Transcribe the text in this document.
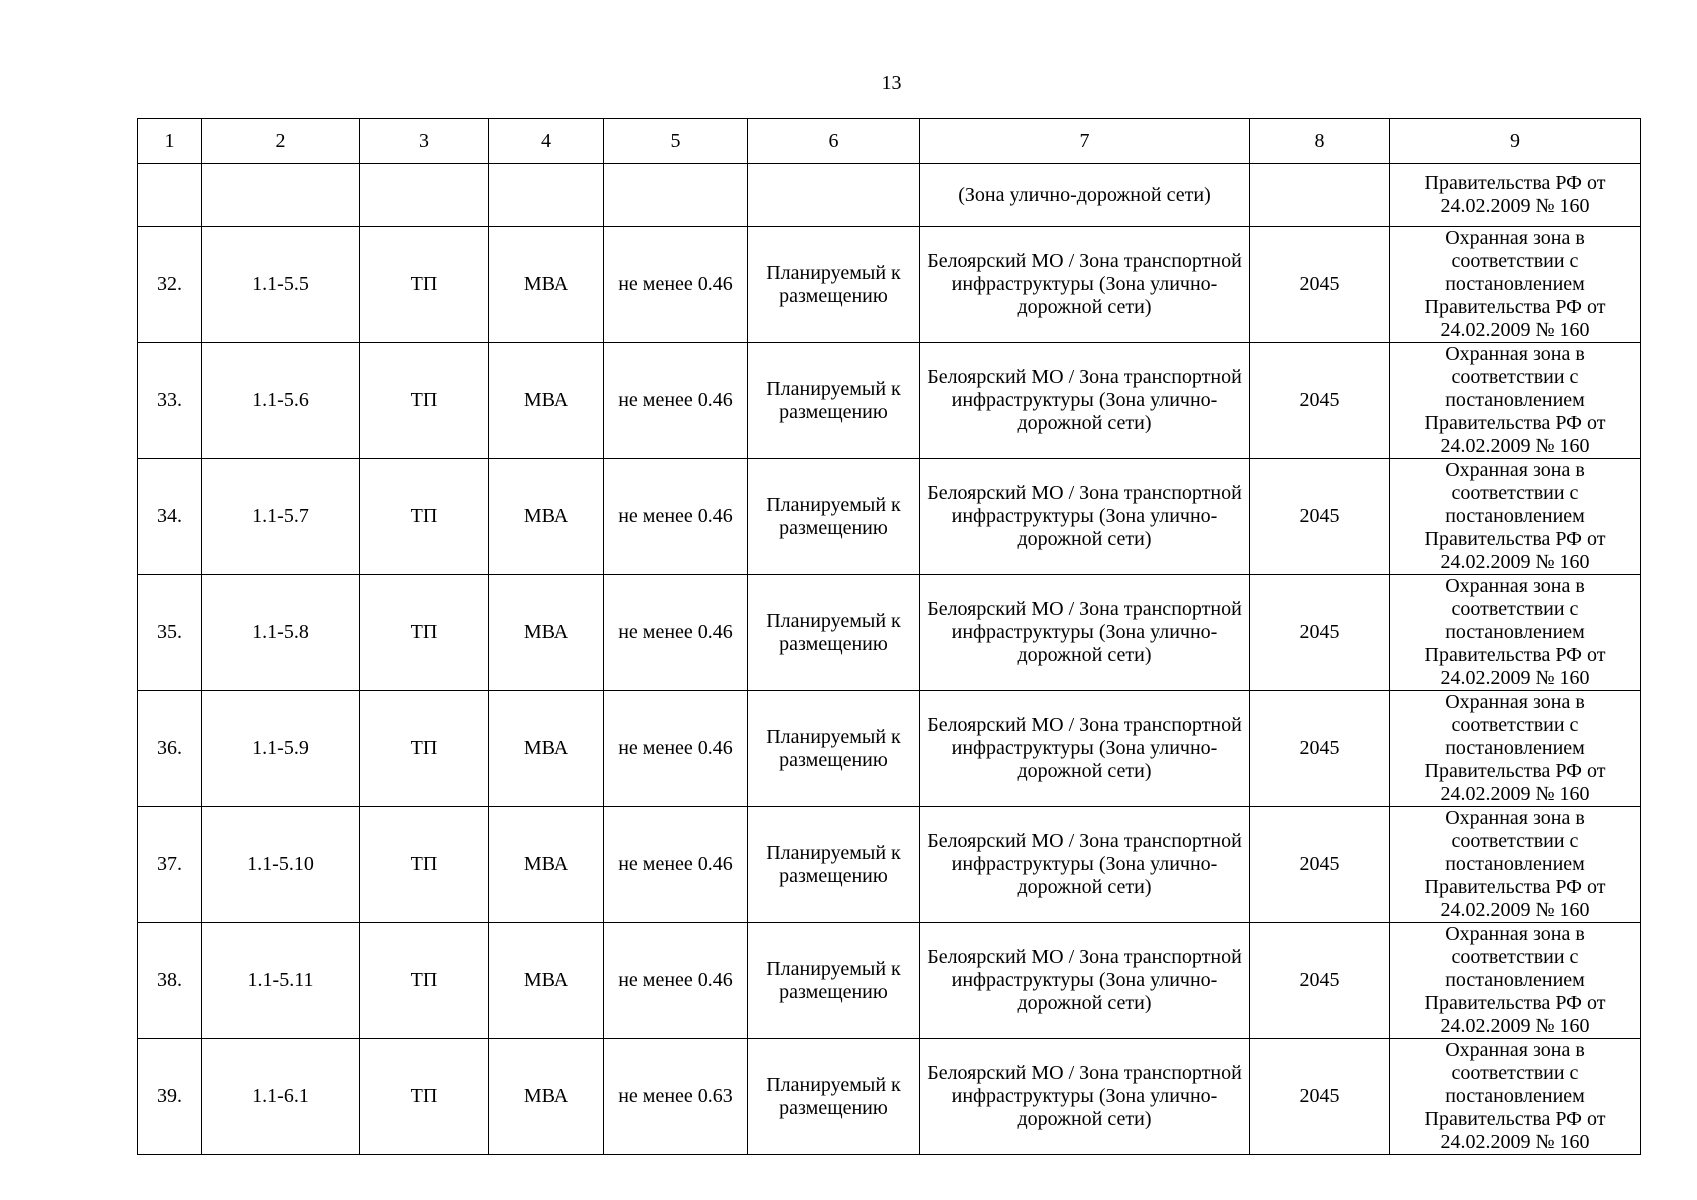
13
1	2	3	4	5	6	7	8	9
						(Зона улично-дорожной сети)		Правительства РФ от 24.02.2009 № 160
32.	1.1-5.5	ТП	МВА	не менее 0.46	Планируемый к размещению	Белоярский МО / Зона транспортной инфраструктуры (Зона улично-дорожной сети)	2045	Охранная зона в соответствии с постановлением Правительства РФ от 24.02.2009 № 160
33.	1.1-5.6	ТП	МВА	не менее 0.46	Планируемый к размещению	Белоярский МО / Зона транспортной инфраструктуры (Зона улично-дорожной сети)	2045	Охранная зона в соответствии с постановлением Правительства РФ от 24.02.2009 № 160
34.	1.1-5.7	ТП	МВА	не менее 0.46	Планируемый к размещению	Белоярский МО / Зона транспортной инфраструктуры (Зона улично-дорожной сети)	2045	Охранная зона в соответствии с постановлением Правительства РФ от 24.02.2009 № 160
35.	1.1-5.8	ТП	МВА	не менее 0.46	Планируемый к размещению	Белоярский МО / Зона транспортной инфраструктуры (Зона улично-дорожной сети)	2045	Охранная зона в соответствии с постановлением Правительства РФ от 24.02.2009 № 160
36.	1.1-5.9	ТП	МВА	не менее 0.46	Планируемый к размещению	Белоярский МО / Зона транспортной инфраструктуры (Зона улично-дорожной сети)	2045	Охранная зона в соответствии с постановлением Правительства РФ от 24.02.2009 № 160
37.	1.1-5.10	ТП	МВА	не менее 0.46	Планируемый к размещению	Белоярский МО / Зона транспортной инфраструктуры (Зона улично-дорожной сети)	2045	Охранная зона в соответствии с постановлением Правительства РФ от 24.02.2009 № 160
38.	1.1-5.11	ТП	МВА	не менее 0.46	Планируемый к размещению	Белоярский МО / Зона транспортной инфраструктуры (Зона улично-дорожной сети)	2045	Охранная зона в соответствии с постановлением Правительства РФ от 24.02.2009 № 160
39.	1.1-6.1	ТП	МВА	не менее 0.63	Планируемый к размещению	Белоярский МО / Зона транспортной инфраструктуры (Зона улично-дорожной сети)	2045	Охранная зона в соответствии с постановлением Правительства РФ от 24.02.2009 № 160
